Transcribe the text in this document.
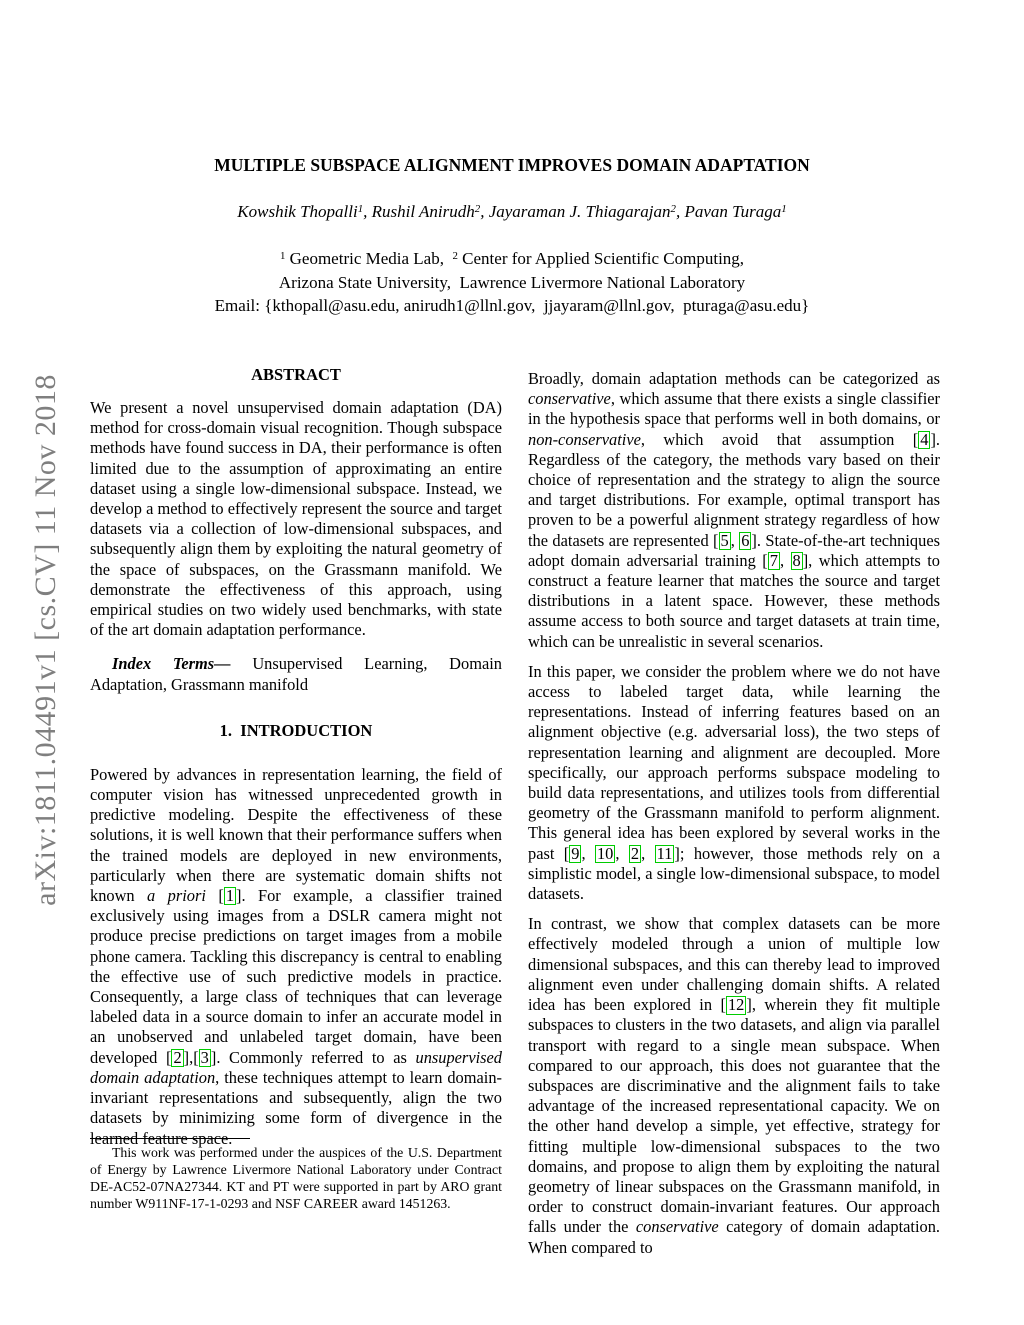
arXiv:1811.04491v1 [cs.CV] 11 Nov 2018
MULTIPLE SUBSPACE ALIGNMENT IMPROVES DOMAIN ADAPTATION
Kowshik Thopalli$^1$, Rushil Anirudh$^2$, Jayaraman J. Thiagarajan$^2$, Pavan Turaga$^1$
$^1$ Geometric Media Lab,  $^2$ Center for Applied Scientific Computing,
Arizona State University,  Lawrence Livermore National Laboratory
Email: {kthopall@asu.edu, anirudh1@llnl.gov,  jjayaram@llnl.gov,  pturaga@asu.edu}
ABSTRACT
We present a novel unsupervised domain adaptation (DA) method for cross-domain visual recognition. Though subspace methods have found success in DA, their performance is often limited due to the assumption of approximating an entire dataset using a single low-dimensional subspace. Instead, we develop a method to effectively represent the source and target datasets via a collection of low-dimensional subspaces, and subsequently align them by exploiting the natural geometry of the space of subspaces, on the Grassmann manifold. We demonstrate the effectiveness of this approach, using empirical studies on two widely used benchmarks, with state of the art domain adaptation performance.
Index Terms— Unsupervised Learning, Domain Adaptation, Grassmann manifold
1.  INTRODUCTION
Powered by advances in representation learning, the field of computer vision has witnessed unprecedented growth in predictive modeling. Despite the effectiveness of these solutions, it is well known that their performance suffers when the trained models are deployed in new environments, particularly when there are systematic domain shifts not known a priori [ 1 ]. For example, a classifier trained exclusively using images from a DSLR camera might not produce precise predictions on target images from a mobile phone camera. Tackling this discrepancy is central to enabling the effective use of such predictive models in practice. Consequently, a large class of techniques that can leverage labeled data in a source domain to infer an accurate model in an unobserved and unlabeled target domain, have been developed [ 2 ],[ 3 ]. Commonly referred to as unsupervised domain adaptation, these techniques attempt to learn domain-invariant representations and subsequently, align the two datasets by minimizing some form of divergence in the learned feature space.
Broadly, domain adaptation methods can be categorized as conservative, which assume that there exists a single classifier in the hypothesis space that performs well in both domains, or non-conservative, which avoid that assumption [ 4 ]. Regardless of the category, the methods vary based on their choice of representation and the strategy to align the source and target distributions. For example, optimal transport has proven to be a powerful alignment strategy regardless of how the datasets are represented [ 5 , 6 ]. State-of-the-art techniques adopt domain adversarial training [ 7 , 8 ], which attempts to construct a feature learner that matches the source and target distributions in a latent space. However, these methods assume access to both source and target datasets at train time, which can be unrealistic in several scenarios.
In this paper, we consider the problem where we do not have access to labeled target data, while learning the representations. Instead of inferring features based on an alignment objective (e.g. adversarial loss), the two steps of representation learning and alignment are decoupled. More specifically, our approach performs subspace modeling to build data representations, and utilizes tools from differential geometry of the Grassmann manifold to perform alignment. This general idea has been explored by several works in the past [ 9 , 10 , 2 , 11 ]; however, those methods rely on a simplistic model, a single low-dimensional subspace, to model datasets.
In contrast, we show that complex datasets can be more effectively modeled through a union of multiple low dimensional subspaces, and this can thereby lead to improved alignment even under challenging domain shifts. A related idea has been explored in [ 12 ], wherein they fit multiple subspaces to clusters in the two datasets, and align via parallel transport with regard to a single mean subspace. When compared to our approach, this does not guarantee that the subspaces are discriminative and the alignment fails to take advantage of the increased representational capacity. We on the other hand develop a simple, yet effective, strategy for fitting multiple low-dimensional subspaces to the two domains, and propose to align them by exploiting the natural geometry of linear subspaces on the Grassmann manifold, in order to construct domain-invariant features. Our approach falls under the conservative category of domain adaptation. When compared to
This work was performed under the auspices of the U.S. Department of Energy by Lawrence Livermore National Laboratory under Contract DE-AC52-07NA27344. KT and PT were supported in part by ARO grant number W911NF-17-1-0293 and NSF CAREER award 1451263.
